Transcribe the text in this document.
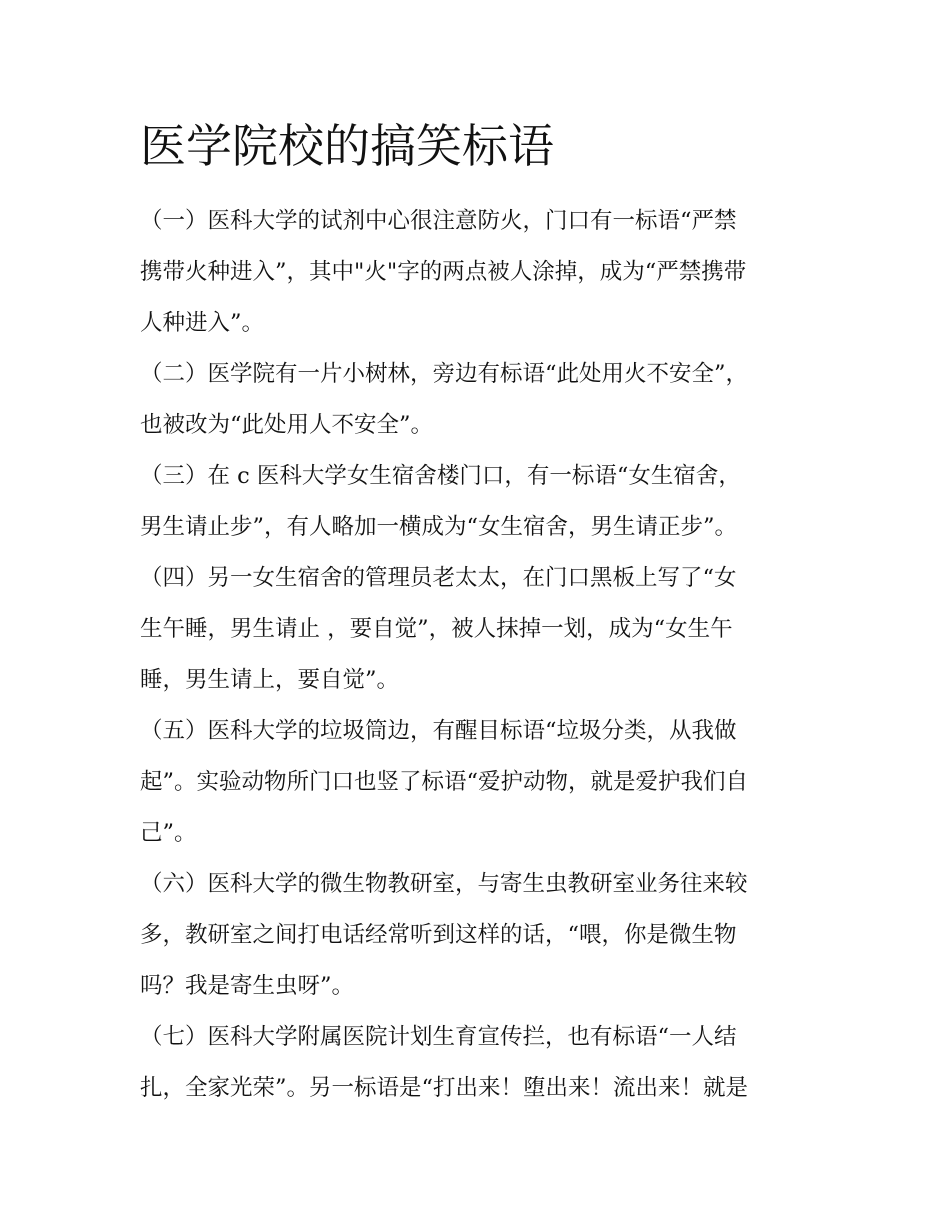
医学院校的搞笑标语

（一）医科大学的试剂中心很注意防火，门口有一标语“严禁
携带火种进入”，其中"火"字的两点被人涂掉，成为“严禁携带
人种进入”。

（二）医学院有一片小树林，旁边有标语“此处用火不安全”，
也被改为“此处用人不安全”。

（三）在 c 医科大学女生宿舍楼门口，有一标语“女生宿舍，
男生请止步”，有人略加一横成为“女生宿舍，男生请正步”。

（四）另一女生宿舍的管理员老太太，在门口黑板上写了“女
生午睡，男生请止 ，要自觉”，被人抹掉一划，成为“女生午
睡，男生请上，要自觉”。

（五）医科大学的垃圾筒边，有醒目标语“垃圾分类，从我做
起”。实验动物所门口也竖了标语“爱护动物，就是爱护我们自
己”。

（六）医科大学的微生物教研室，与寄生虫教研室业务往来较
多，教研室之间打电话经常听到这样的话，“喂，你是微生物
吗？我是寄生虫呀”。

（七）医科大学附属医院计划生育宣传拦，也有标语“一人结
扎，全家光荣”。另一标语是“打出来！堕出来！流出来！就是
